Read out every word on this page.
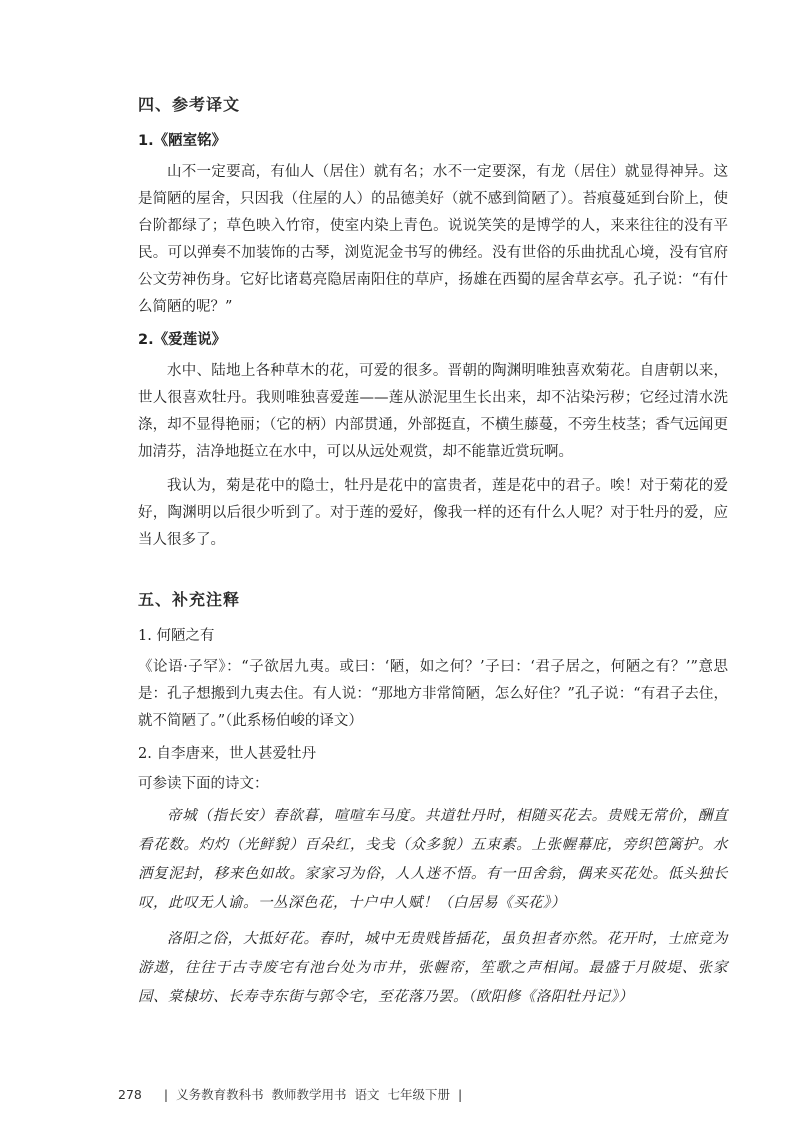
四、参考译文
1.《陋室铭》

山不一定要高，有仙人（居住）就有名；水不一定要深，有龙（居住）就显得神异。这是简陋的屋舍，只因我（住屋的人）的品德美好（就不感到简陋了）。苔痕蔓延到台阶上，使台阶都绿了；草色映入竹帘，使室内染上青色。说说笑笑的是博学的人，来来往往的没有平民。可以弹奏不加装饰的古琴，浏览泥金书写的佛经。没有世俗的乐曲扰乱心境，没有官府公文劳神伤身。它好比诸葛亮隐居南阳住的草庐，扬雄在西蜀的屋舍草玄亭。孔子说：“有什么简陋的呢？”

2.《爱莲说》

水中、陆地上各种草木的花，可爱的很多。晋朝的陶渊明唯独喜欢菊花。自唐朝以来，世人很喜欢牡丹。我则唯独喜爱莲——莲从淤泥里生长出来，却不沾染污秽；它经过清水洗涤，却不显得艳丽；（它的柄）内部贯通，外部挺直，不横生藤蔓，不旁生枝茎；香气远闻更加清芬，洁净地挺立在水中，可以从远处观赏，却不能靠近赏玩啊。

我认为，菊是花中的隐士，牡丹是花中的富贵者，莲是花中的君子。唉！对于菊花的爱好，陶渊明以后很少听到了。对于莲的爱好，像我一样的还有什么人呢？对于牡丹的爱，应当人很多了。

五、补充注释
1. 何陋之有

《论语·子罕》：“子欲居九夷。或曰：‘陋，如之何？’子曰：‘君子居之，何陋之有？’”意思是：孔子想搬到九夷去住。有人说：“那地方非常简陋，怎么好住？”孔子说：“有君子去住，就不简陋了。”（此系杨伯峻的译文）

2. 自李唐来，世人甚爱牡丹
可参读下面的诗文：

帝城（指长安）春欲暮，喧喧车马度。共道牡丹时，相随买花去。贵贱无常价，酬直看花数。灼灼（光鲜貌）百朵红，戋戋（众多貌）五束素。上张幄幕庇，旁织笆篱护。水洒复泥封，移来色如故。家家习为俗，人人迷不悟。有一田舍翁，偶来买花处。低头独长叹，此叹无人谕。一丛深色花，十户中人赋！（白居易《买花》）

洛阳之俗，大抵好花。春时，城中无贵贱皆插花，虽负担者亦然。花开时，士庶竞为游遨，往往于古寺废宅有池台处为市井，张幄帟，笙歌之声相闻。最盛于月陂堤、张家园、棠棣坊、长寿寺东街与郭令宅，至花落乃罢。（欧阳修《洛阳牡丹记》）

278 | 义务教育教科书 教师教学用书 语文 七年级下册 |
